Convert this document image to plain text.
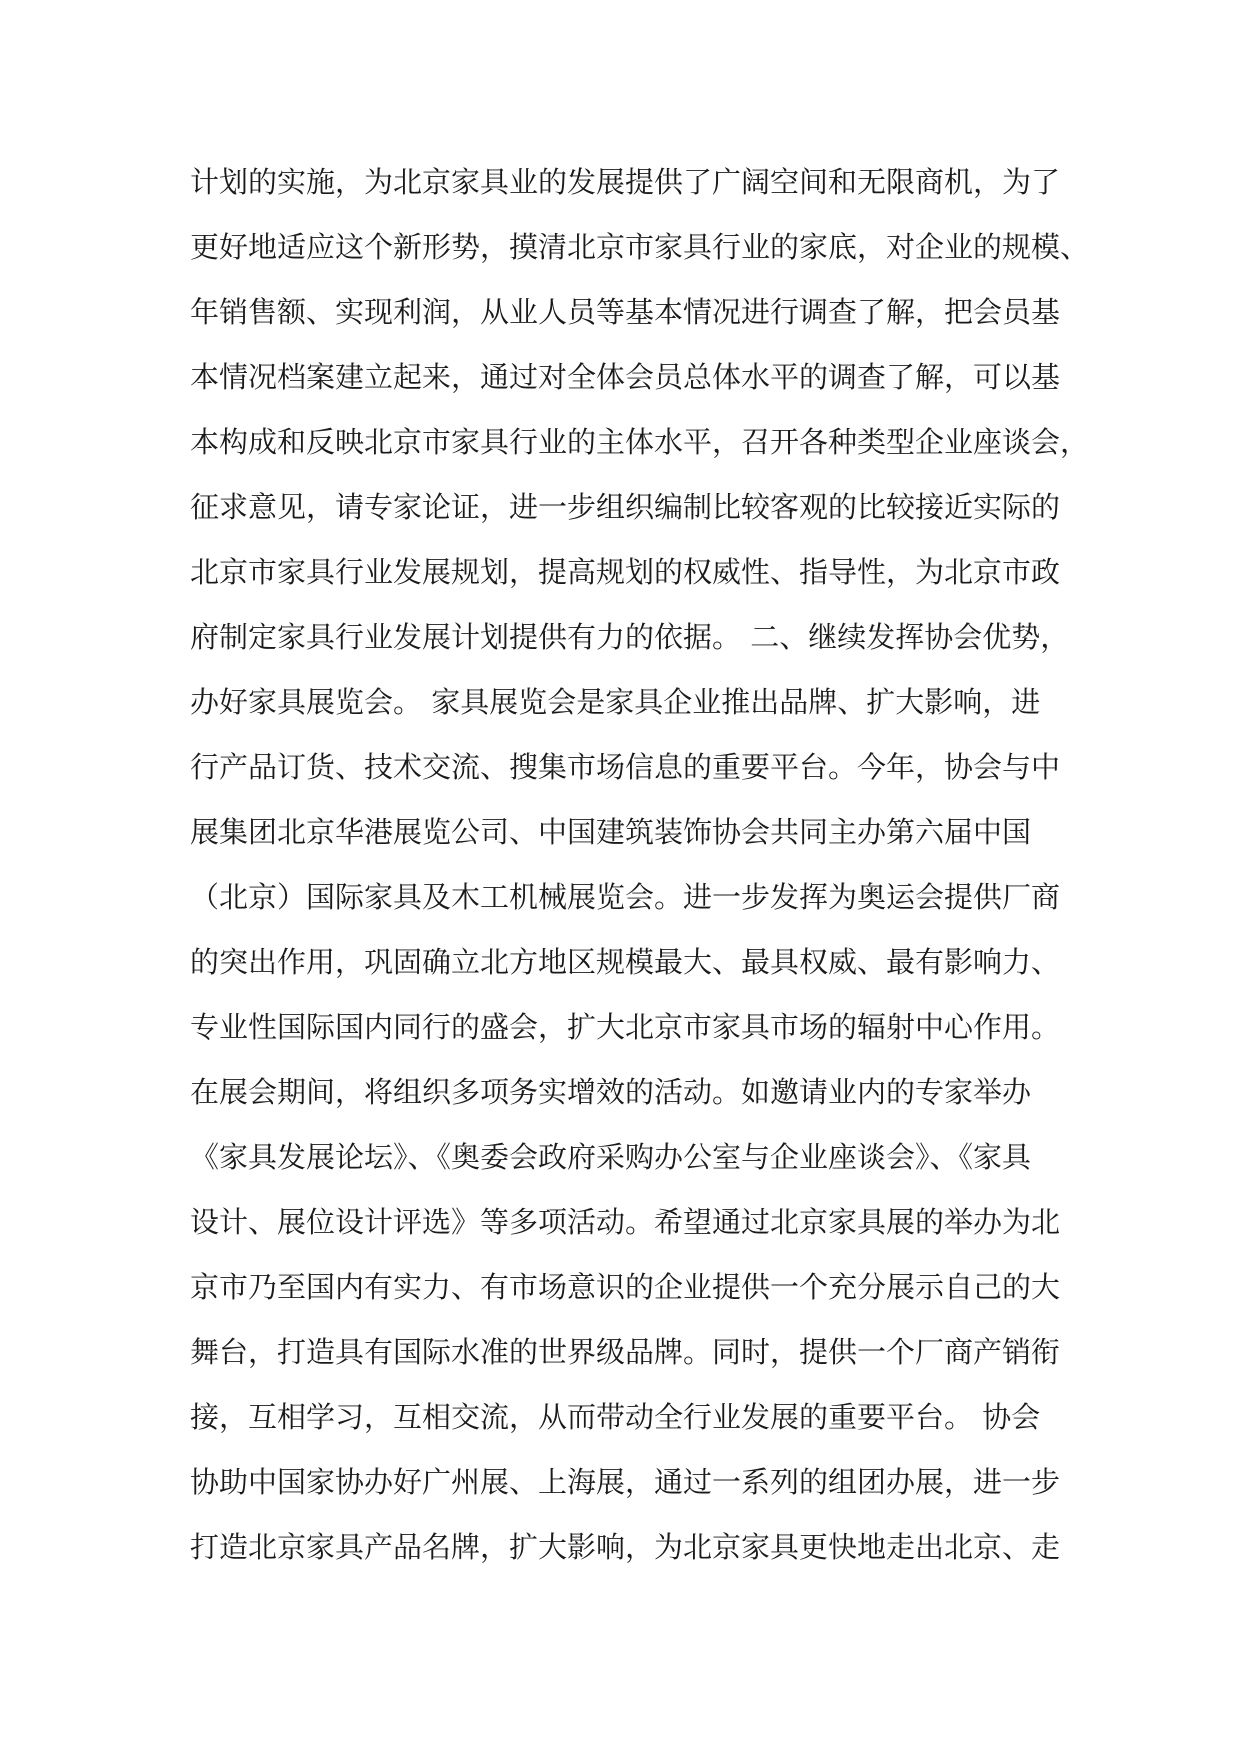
计划的实施，为北京家具业的发展提供了广阔空间和无限商机，为了
更好地适应这个新形势，摸清北京市家具行业的家底，对企业的规模、
年销售额、实现利润，从业人员等基本情况进行调查了解，把会员基
本情况档案建立起来，通过对全体会员总体水平的调查了解，可以基
本构成和反映北京市家具行业的主体水平，召开各种类型企业座谈会，
征求意见，请专家论证，进一步组织编制比较客观的比较接近实际的
北京市家具行业发展规划，提高规划的权威性、指导性，为北京市政
府制定家具行业发展计划提供有力的依据。 二、继续发挥协会优势，
办好家具展览会。 家具展览会是家具企业推出品牌、扩大影响，进
行产品订货、技术交流、搜集市场信息的重要平台。今年，协会与中
展集团北京华港展览公司、中国建筑装饰协会共同主办第六届中国
（北京）国际家具及木工机械展览会。进一步发挥为奥运会提供厂商
的突出作用，巩固确立北方地区规模最大、最具权威、最有影响力、
专业性国际国内同行的盛会，扩大北京市家具市场的辐射中心作用。
在展会期间，将组织多项务实增效的活动。如邀请业内的专家举办
《家具发展论坛》、《奥委会政府采购办公室与企业座谈会》、《家具
设计、展位设计评选》等多项活动。希望通过北京家具展的举办为北
京市乃至国内有实力、有市场意识的企业提供一个充分展示自己的大
舞台，打造具有国际水准的世界级品牌。同时，提供一个厂商产销衔
接，互相学习，互相交流，从而带动全行业发展的重要平台。 协会
协助中国家协办好广州展、上海展，通过一系列的组团办展，进一步
打造北京家具产品名牌，扩大影响，为北京家具更快地走出北京、走
